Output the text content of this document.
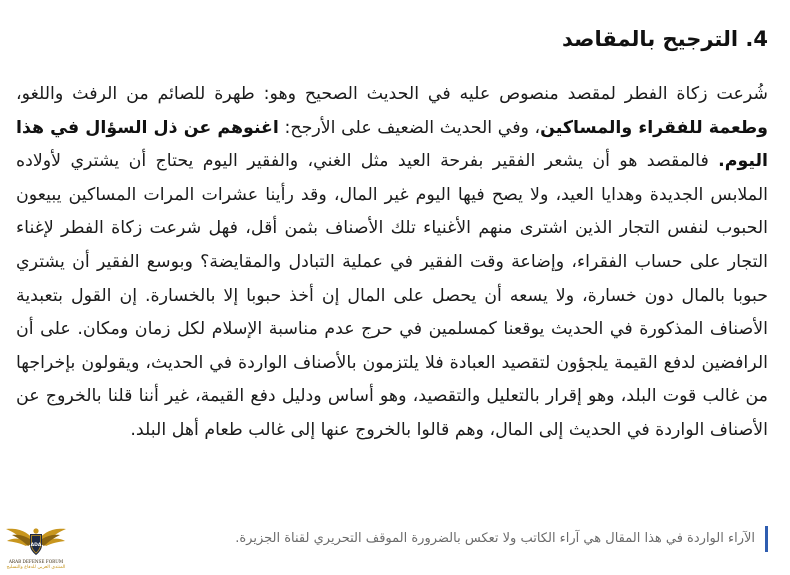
4. الترجيح بالمقاصد

شُرعت زكاة الفطر لمقصد منصوص عليه في الحديث الصحيح وهو: طهرة للصائم من الرفث واللغو، وطعمة للفقراء والمساكين، وفي الحديث الضعيف على الأرجح: اغنوهم عن ذل السؤال في هذا اليوم. فالمقصد هو أن يشعر الفقير بفرحة العيد مثل الغني، والفقير اليوم يحتاج أن يشتري لأولاده الملابس الجديدة وهدايا العيد، ولا يصح فيها اليوم غير المال، وقد رأينا عشرات المرات المساكين يبيعون الحبوب لنفس التجار الذين اشترى منهم الأغنياء تلك الأصناف بثمن أقل، فهل شرعت زكاة الفطر لإغناء التجار على حساب الفقراء، وإضاعة وقت الفقير في عملية التبادل والمقايضة؟ وبوسع الفقير أن يشتري حبوبا بالمال دون خسارة، ولا يسعه أن يحصل على المال إن أخذ حبوبا إلا بالخسارة. إن القول بتعبدية الأصناف المذكورة في الحديث يوقعنا كمسلمين في حرج عدم مناسبة الإسلام لكل زمان ومكان. على أن الرافضين لدفع القيمة يلجؤون لتقصيد العبادة فلا يلتزمون بالأصناف الواردة في الحديث، ويقولون بإخراجها من غالب قوت البلد، وهو إقرار بالتعليل والتقصيد، وهو أساس ودليل دفع القيمة، غير أننا قلنا بالخروج عن الأصناف الواردة في الحديث إلى المال، وهم قالوا بالخروج عنها إلى غالب طعام أهل البلد.

الآراء الواردة في هذا المقال هي آراء الكاتب ولا تعكس بالضرورة الموقف التحريري لقناة الجزيرة.

ADA
ARAB DEFENSE FORUM
المنتدى العربي للدفاع والتسليح
